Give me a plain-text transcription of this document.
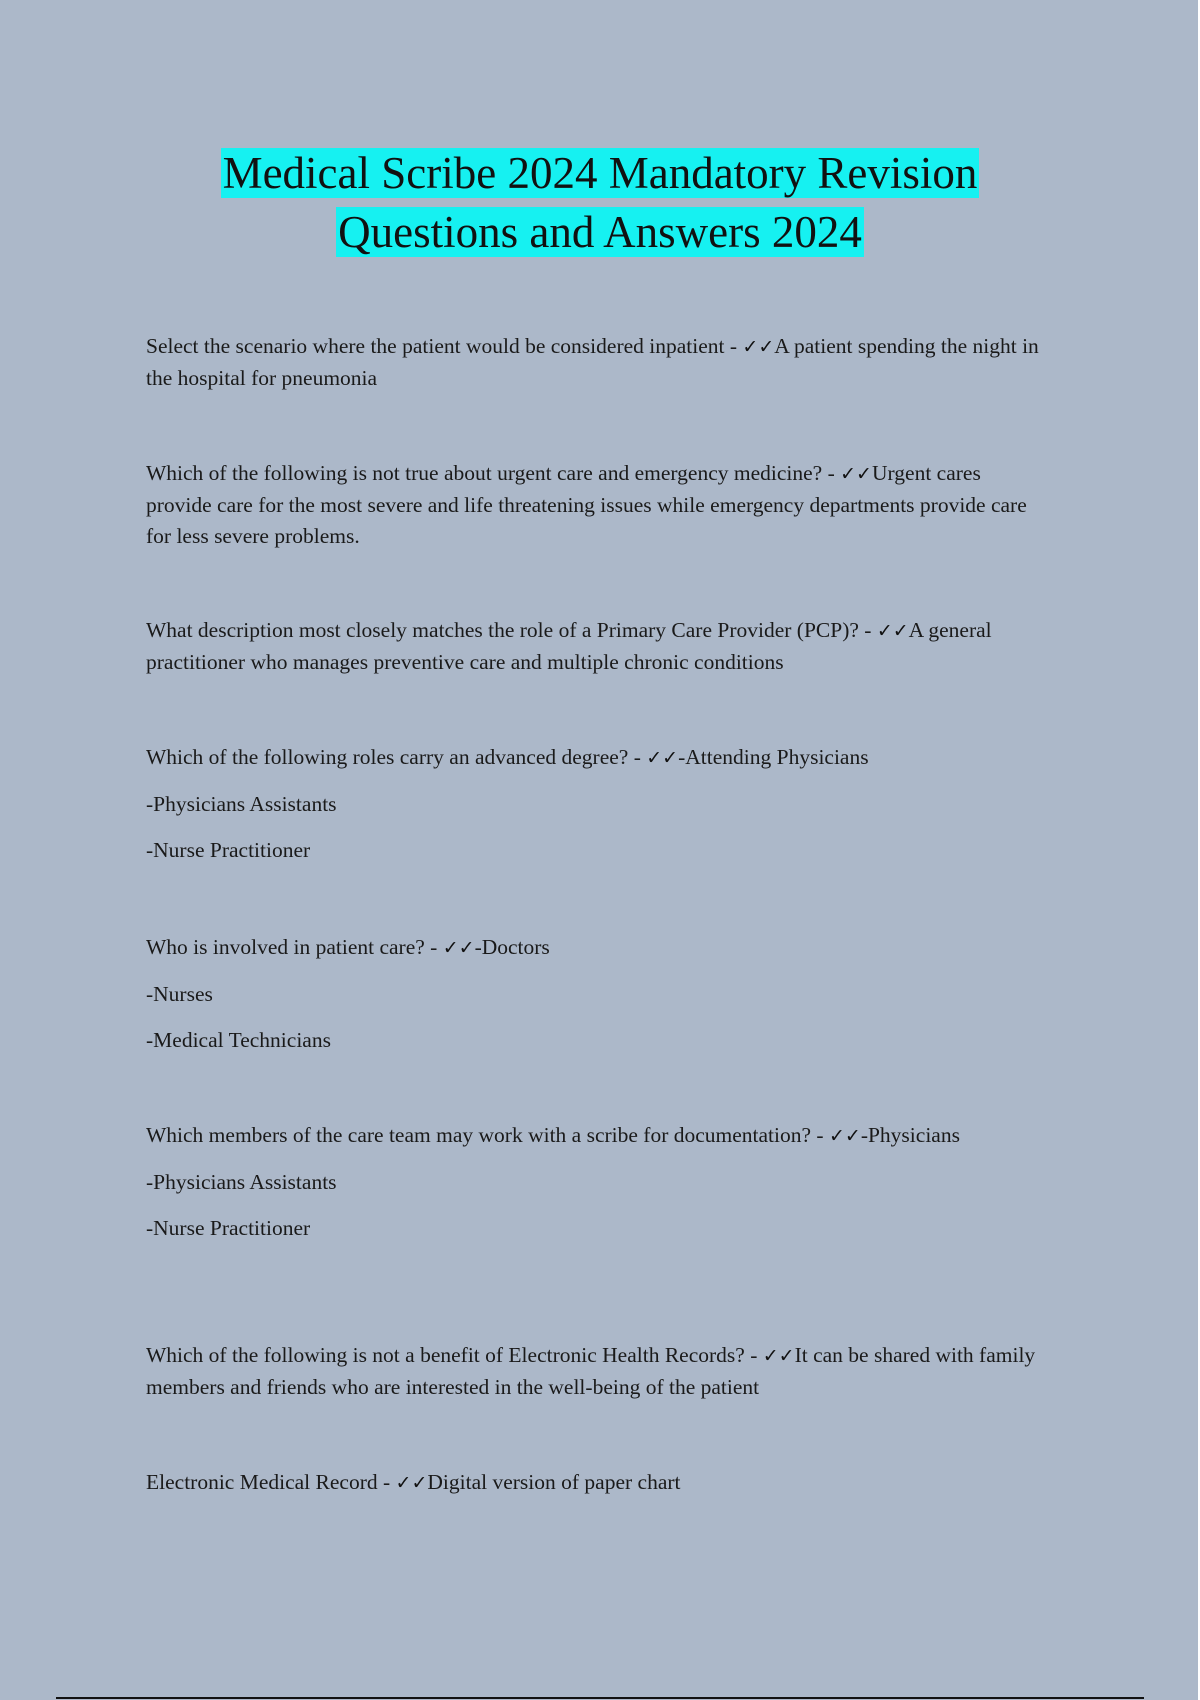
Medical Scribe 2024 Mandatory Revision
Questions and Answers 2024

Select the scenario where the patient would be considered inpatient - ✓✓A patient spending the night in the hospital for pneumonia

Which of the following is not true about urgent care and emergency medicine? - ✓✓Urgent cares provide care for the most severe and life threatening issues while emergency departments provide care for less severe problems.

What description most closely matches the role of a Primary Care Provider (PCP)? - ✓✓A general practitioner who manages preventive care and multiple chronic conditions

Which of the following roles carry an advanced degree? - ✓✓-Attending Physicians

-Physicians Assistants

-Nurse Practitioner

Who is involved in patient care? - ✓✓-Doctors

-Nurses

-Medical Technicians

Which members of the care team may work with a scribe for documentation? - ✓✓-Physicians

-Physicians Assistants

-Nurse Practitioner

Which of the following is not a benefit of Electronic Health Records? - ✓✓It can be shared with family members and friends who are interested in the well-being of the patient

Electronic Medical Record - ✓✓Digital version of paper chart
